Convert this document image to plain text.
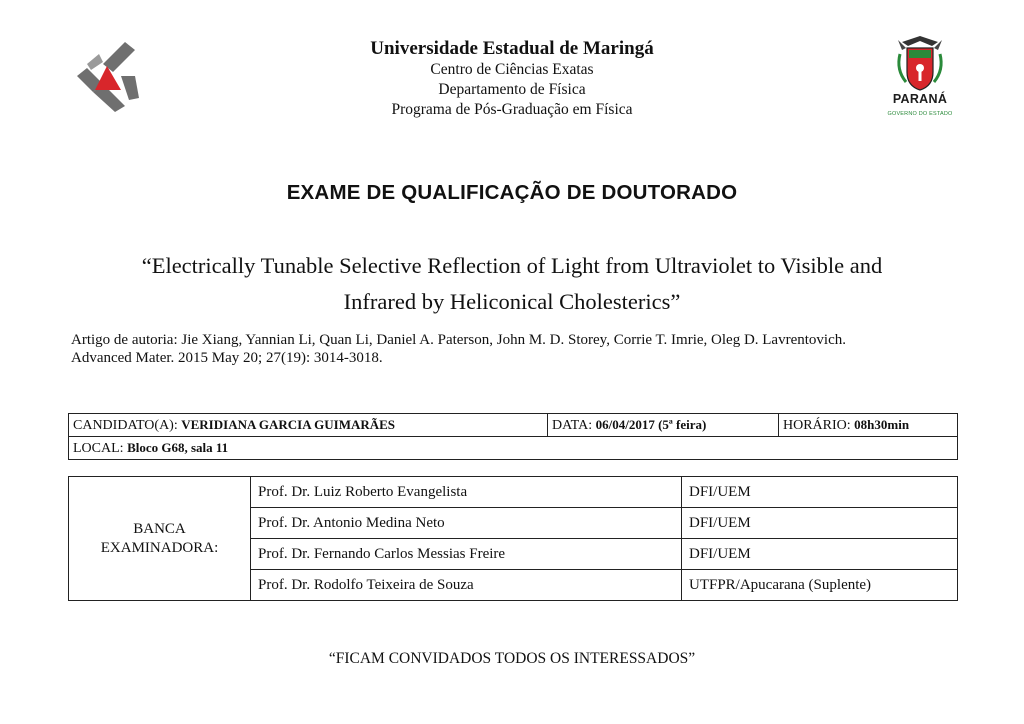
Universidade Estadual de Maringá
Centro de Ciências Exatas
Departamento de Física
Programa de Pós-Graduação em Física
PARANÁ
GOVERNO DO ESTADO
EXAME DE QUALIFICAÇÃO DE DOUTORADO
“Electrically Tunable Selective Reflection of Light from Ultraviolet to Visible and
Infrared by Heliconical Cholesterics”
Artigo de autoria: Jie Xiang, Yannian Li, Quan Li, Daniel A. Paterson, John M. D. Storey, Corrie T. Imrie, Oleg D. Lavrentovich.
Advanced Mater. 2015 May 20; 27(19): 3014-3018.
CANDIDATO(A): VERIDIANA GARCIA GUIMARÃES	DATA: 06/04/2017 (5ª feira)	HORÁRIO: 08h30min
LOCAL: Bloco G68, sala 11
BANCA
EXAMINADORA:	Prof. Dr. Luiz Roberto Evangelista	DFI/UEM
	Prof. Dr. Antonio Medina Neto	DFI/UEM
	Prof. Dr. Fernando Carlos Messias Freire	DFI/UEM
	Prof. Dr. Rodolfo Teixeira de Souza	UTFPR/Apucarana (Suplente)
“FICAM CONVIDADOS TODOS OS INTERESSADOS”
